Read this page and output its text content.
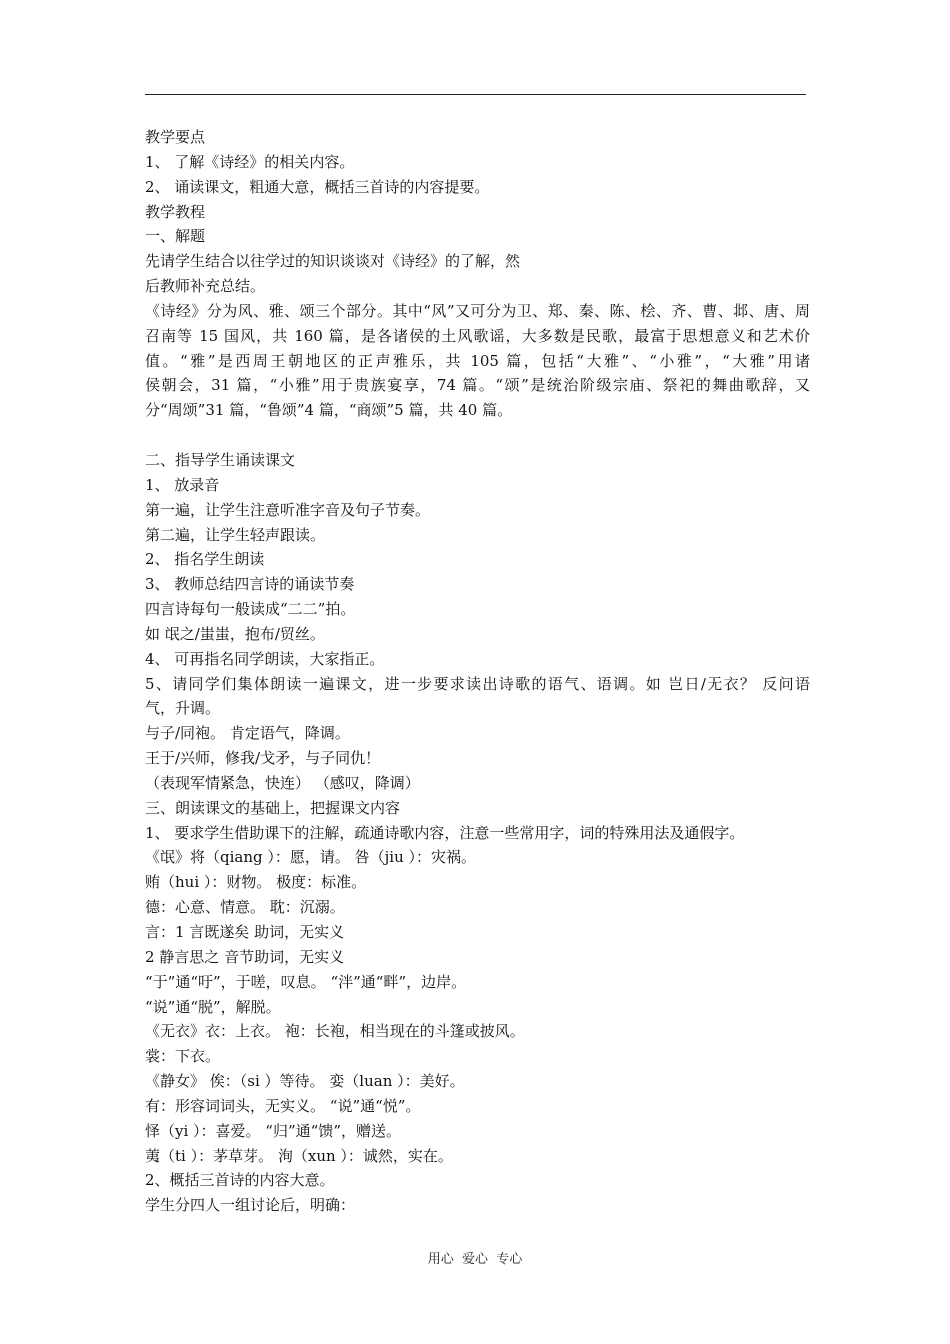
教学要点
1、 了解《诗经》的相关内容。
2、 诵读课文，粗通大意，概括三首诗的内容提要。
教学教程
一、解题
先请学生结合以往学过的知识谈谈对《诗经》的了解，然
后教师补充总结。
《诗经》分为风、雅、颂三个部分。其中“风”又可分为卫、郑、秦、陈、桧、齐、曹、邶、唐、周
召南等 15 国风，共 160 篇，是各诸侯的土风歌谣，大多数是民歌，最富于思想意义和艺术价
值。“雅”是西周王朝地区的正声雅乐，共 105 篇，包括“大雅”、“小雅”，“大雅”用诸
侯朝会，31 篇，“小雅”用于贵族宴享，74 篇。“颂”是统治阶级宗庙、祭祀的舞曲歌辞，又
分“周颂”31 篇，“鲁颂”4 篇，“商颂”5 篇，共 40 篇。
二、指导学生诵读课文
1、 放录音
第一遍，让学生注意听准字音及句子节奏。
第二遍，让学生轻声跟读。
2、 指名学生朗读
3、 教师总结四言诗的诵读节奏
四言诗每句一般读成“二二”拍。
如 氓之/蚩蚩，抱布/贸丝。
4、 可再指名同学朗读，大家指正。
5、请同学们集体朗读一遍课文，进一步要求读出诗歌的语气、语调。如 岂日/无衣？ 反问语
气，升调。
与子/同袍。 肯定语气，降调。
王于/兴师，修我/戈矛，与子同仇！
（表现军情紧急，快连） （感叹，降调）
三、朗读课文的基础上，把握课文内容
1、 要求学生借助课下的注解，疏通诗歌内容，注意一些常用字，词的特殊用法及通假字。
《氓》将（qiang ）：愿，请。 咎（jiu ）：灾祸。
贿（hui ）：财物。 极度：标准。
德：心意、情意。 耽：沉溺。
言：1 言既遂矣 助词，无实义
2 静言思之 音节助词，无实义
“于”通“吁”，于嗟，叹息。 “泮”通“畔”，边岸。
“说”通“脱”，解脱。
《无衣》衣：上衣。 袍：长袍，相当现在的斗篷或披风。
裳：下衣。
《静女》 俟：（si ）等待。 娈（luan ）：美好。
有：形容词词头，无实义。 “说”通“悦”。
怿（yi ）：喜爱。 “归”通“馈”，赠送。
荑（ti ）：茅草芽。 洵（xun ）：诚然，实在。
2、概括三首诗的内容大意。
学生分四人一组讨论后，明确：
用心  爱心  专心
